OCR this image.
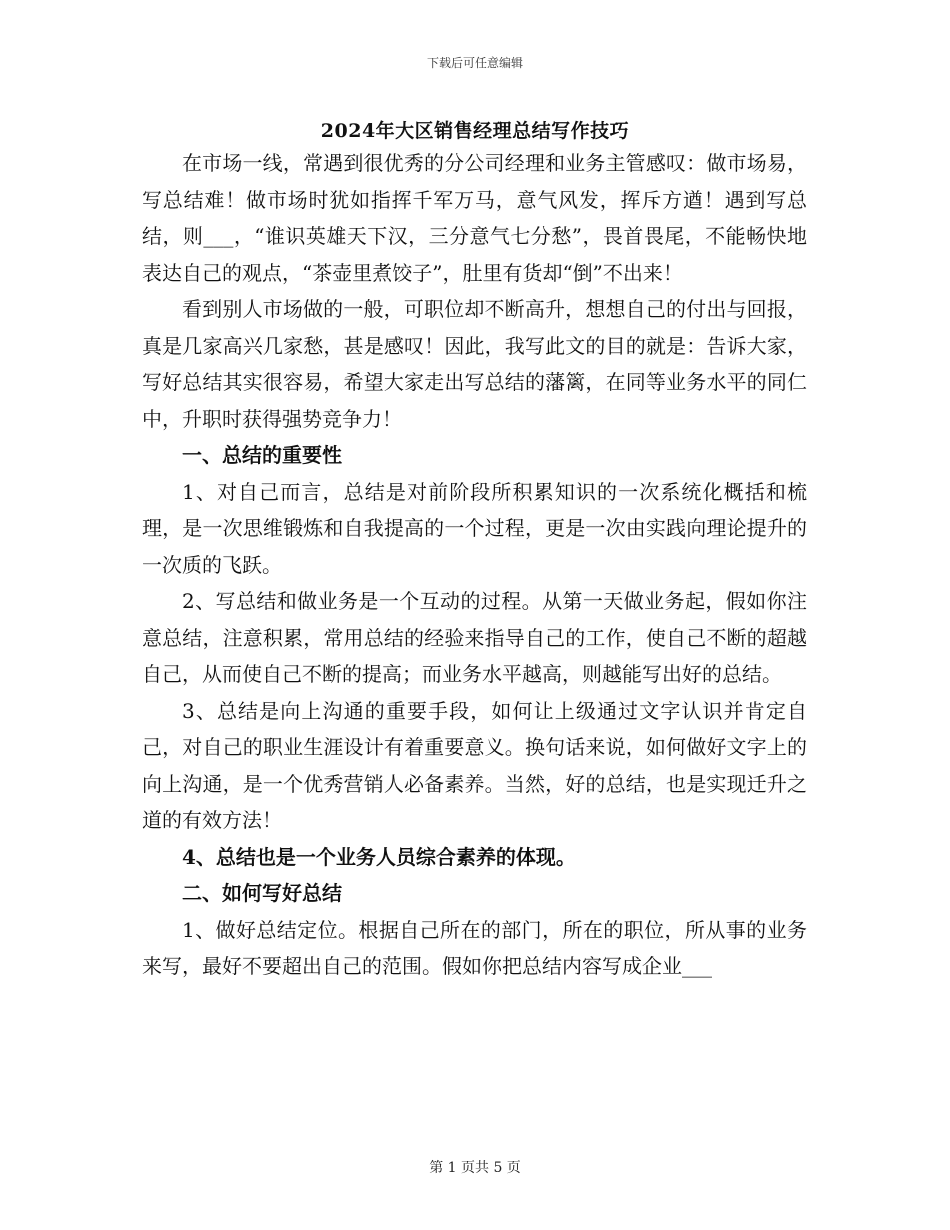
下载后可任意编辑
2024年大区销售经理总结写作技巧

在市场一线，常遇到很优秀的分公司经理和业务主管感叹：做市场易，写总结难！做市场时犹如指挥千军万马，意气风发，挥斥方遒！遇到写总结，则___，“谁识英雄天下汉，三分意气七分愁”，畏首畏尾，不能畅快地表达自己的观点，“茶壶里煮饺子”，肚里有货却“倒”不出来！

看到别人市场做的一般，可职位却不断高升，想想自己的付出与回报，真是几家高兴几家愁，甚是感叹！因此，我写此文的目的就是：告诉大家，写好总结其实很容易，希望大家走出写总结的藩篱，在同等业务水平的同仁中，升职时获得强势竞争力！

一、总结的重要性

1、对自己而言，总结是对前阶段所积累知识的一次系统化概括和梳理，是一次思维锻炼和自我提高的一个过程，更是一次由实践向理论提升的一次质的飞跃。

2、写总结和做业务是一个互动的过程。从第一天做业务起，假如你注意总结，注意积累，常用总结的经验来指导自己的工作，使自己不断的超越自己，从而使自己不断的提高；而业务水平越高，则越能写出好的总结。

3、总结是向上沟通的重要手段，如何让上级通过文字认识并肯定自己，对自己的职业生涯设计有着重要意义。换句话来说，如何做好文字上的向上沟通，是一个优秀营销人必备素养。当然，好的总结，也是实现迁升之道的有效方法！

4、总结也是一个业务人员综合素养的体现。

二、如何写好总结

1、做好总结定位。根据自己所在的部门，所在的职位，所从事的业务来写，最好不要超出自己的范围。假如你把总结内容写成企业___

第 1 页共 5 页
